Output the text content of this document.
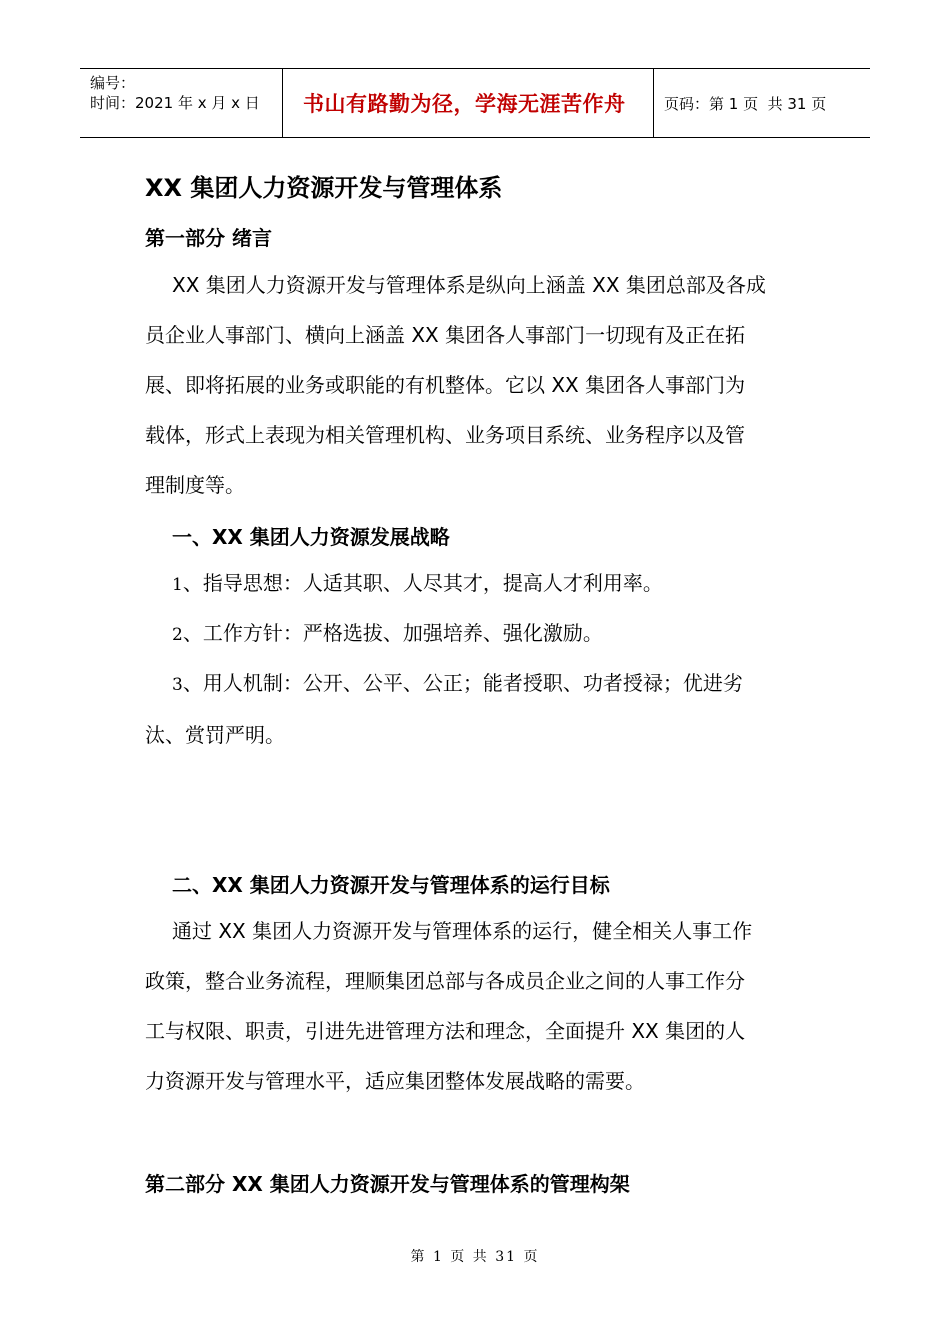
编号：
时间：2021 年 x 月 x 日	书山有路勤为径，学海无涯苦作舟	页码：第 1 页  共 31 页
XX 集团人力资源开发与管理体系
第一部分 绪言
XX 集团人力资源开发与管理体系是纵向上涵盖 XX 集团总部及各成
员企业人事部门、横向上涵盖 XX 集团各人事部门一切现有及正在拓
展、即将拓展的业务或职能的有机整体。它以 XX 集团各人事部门为
载体，形式上表现为相关管理机构、业务项目系统、业务程序以及管
理制度等。
一、XX 集团人力资源发展战略
1、指导思想：人适其职、人尽其才，提高人才利用率。
2、工作方针：严格选拔、加强培养、强化激励。
3、用人机制：公开、公平、公正；能者授职、功者授禄；优进劣
汰、赏罚严明。
二、XX 集团人力资源开发与管理体系的运行目标
通过 XX 集团人力资源开发与管理体系的运行，健全相关人事工作
政策，整合业务流程，理顺集团总部与各成员企业之间的人事工作分
工与权限、职责，引进先进管理方法和理念，全面提升 XX 集团的人
力资源开发与管理水平，适应集团整体发展战略的需要。
第二部分 XX 集团人力资源开发与管理体系的管理构架
第 1 页 共 31 页
